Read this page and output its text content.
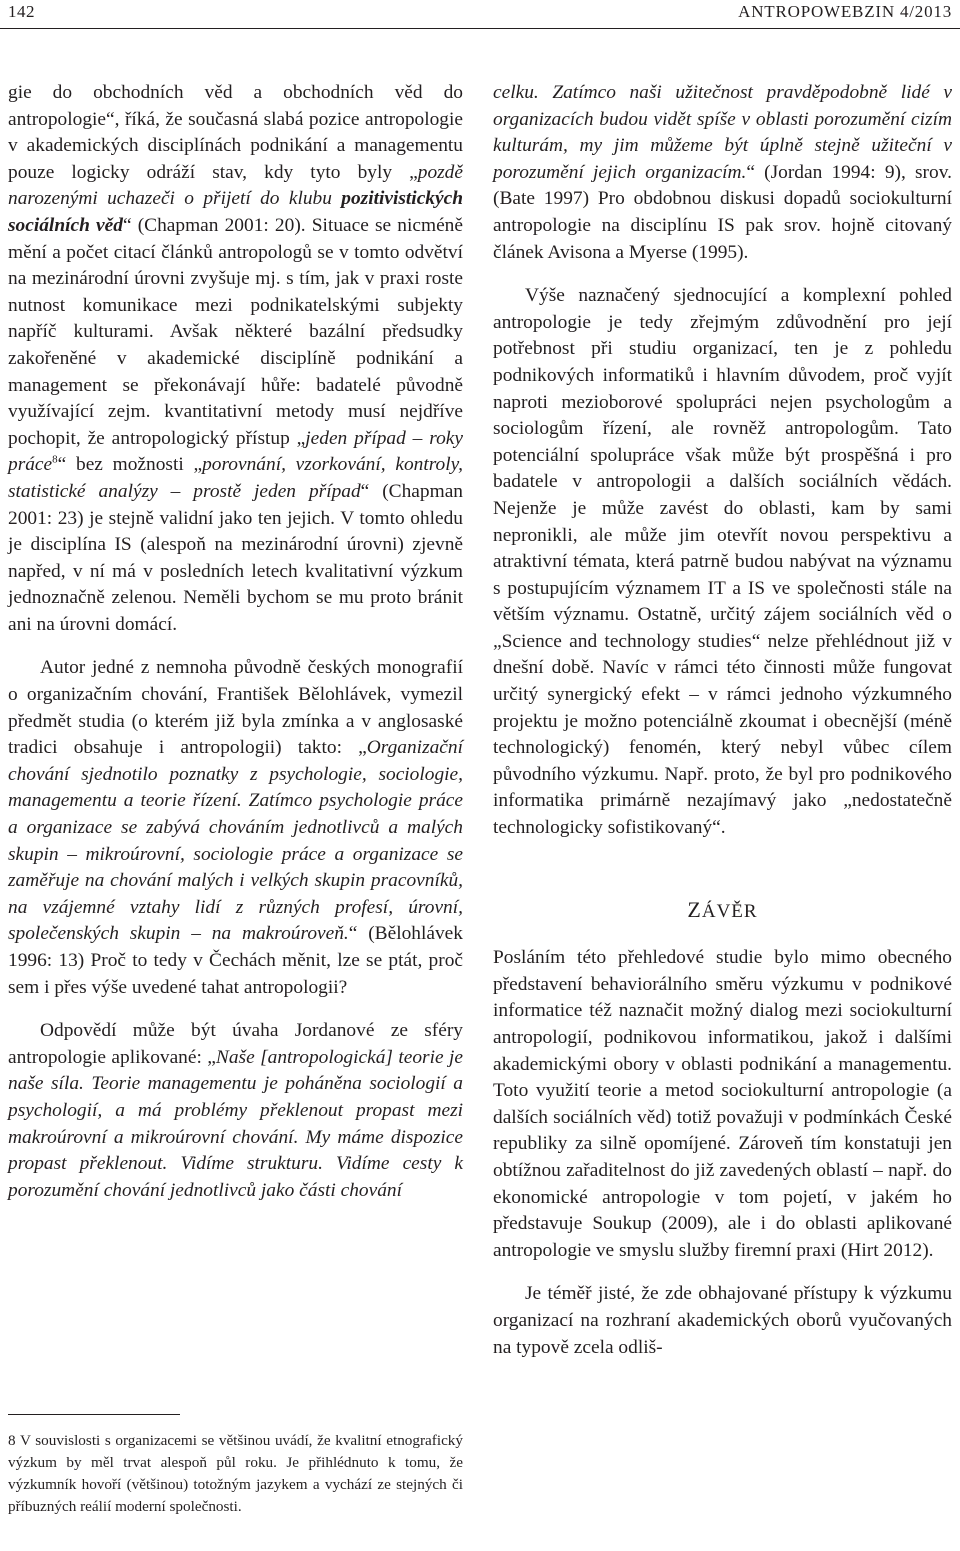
142	ANTROPOWEBZIN 4/2013

gie do obchodních věd a obchodních věd do antropologie“, říká, že současná slabá pozice antropologie v akademických disciplínách podnikání a managementu pouze logicky odráží stav, kdy tyto byly „pozdě narozenými uchazeči o přijetí do klubu pozitivistických sociálních věd“ (Chapman 2001: 20). Situace se nicméně mění a počet citací článků antropologů se v tomto odvětví na mezinárodní úrovni zvyšuje mj. s tím, jak v praxi roste nutnost komunikace mezi podnikatelskými subjekty napříč kulturami. Avšak některé bazální předsudky zakořeněné v akademické disciplíně podnikání a management se překonávají hůře: badatelé původně využívající zejm. kvantitativní metody musí nejdříve pochopit, že antropologický přístup „jeden případ – roky práce$^8$“ bez možnosti „porovnání, vzorkování, kontroly, statistické analýzy – prostě jeden případ“ (Chapman 2001: 23) je stejně validní jako ten jejich. V tomto ohledu je disciplína IS (alespoň na mezinárodní úrovni) zjevně napřed, v ní má v posledních letech kvalitativní výzkum jednoznačně zelenou. Neměli bychom se mu proto bránit ani na úrovni domácí.

Autor jedné z nemnoha původně českých monografií o organizačním chování, František Bělohlávek, vymezil předmět studia (o kterém již byla zmínka a v anglosaské tradici obsahuje i antropologii) takto: „Organizační chování sjednotilo poznatky z psychologie, sociologie, managementu a teorie řízení. Zatímco psychologie práce a organizace se zabývá chováním jednotlivců a malých skupin – mikroúrovní, sociologie práce a organizace se zaměřuje na chování malých i velkých skupin pracovníků, na vzájemné vztahy lidí z různých profesí, úrovní, společenských skupin – na makroúroveň.“ (Bělohlávek 1996: 13) Proč to tedy v Čechách měnit, lze se ptát, proč sem i přes výše uvedené tahat antropologii?

Odpovědí může být úvaha Jordanové ze sféry antropologie aplikované: „Naše [antropologická] teorie je naše síla. Teorie managementu je poháněna sociologií a psychologií, a má problémy překlenout propast mezi makroúrovní a mikroúrovní chování. My máme dispozice propast překlenout. Vidíme strukturu. Vidíme cesty k porozumění chování jednotlivců jako části chování

8 V souvislosti s organizacemi se většinou uvádí, že kvalitní etnografický výzkum by měl trvat alespoň půl roku. Je přihlédnuto k tomu, že výzkumník hovoří (většinou) totožným jazykem a vychází ze stejných či příbuzných reálií moderní společnosti.

celku. Zatímco naši užitečnost pravděpodobně lidé v organizacích budou vidět spíše v oblasti porozumění cizím kulturám, my jim můžeme být úplně stejně užiteční v porozumění jejich organizacím.“ (Jordan 1994: 9), srov. (Bate 1997) Pro obdobnou diskusi dopadů sociokulturní antropologie na disciplínu IS pak srov. hojně citovaný článek Avisona a Myerse (1995).

Výše naznačený sjednocující a komplexní pohled antropologie je tedy zřejmým zdůvodnění pro její potřebnost při studiu organizací, ten je z pohledu podnikových informatiků i hlavním důvodem, proč vyjít naproti mezioborové spolupráci nejen psychologům a sociologům řízení, ale rovněž antropologům. Tato potenciální spolupráce však může být prospěšná i pro badatele v antropologii a dalších sociálních vědách. Nejenže je může zavést do oblasti, kam by sami nepronikli, ale může jim otevřít novou perspektivu a atraktivní témata, která patrně budou nabývat na významu s postupujícím významem IT a IS ve společnosti stále na větším významu. Ostatně, určitý zájem sociálních věd o „Science and technology studies“ nelze přehlédnout již v dnešní době. Navíc v rámci této činnosti může fungovat určitý synergický efekt – v rámci jednoho výzkumného projektu je možno potenciálně zkoumat i obecnější (méně technologický) fenomén, který nebyl vůbec cílem původního výzkumu. Např. proto, že byl pro podnikového informatika primárně nezajímavý jako „nedostatečně technologicky sofistikovaný“.

ZÁVĚR

Posláním této přehledové studie bylo mimo obecného představení behaviorálního směru výzkumu v podnikové informatice též naznačit možný dialog mezi sociokulturní antropologií, podnikovou informatikou, jakož i dalšími akademickými obory v oblasti podnikání a managementu. Toto využití teorie a metod sociokulturní antropologie (a dalších sociálních věd) totiž považuji v podmínkách České republiky za silně opomíjené. Zároveň tím konstatuji jen obtížnou zařaditelnost do již zavedených oblastí – např. do ekonomické antropologie v tom pojetí, v jakém ho představuje Soukup (2009), ale i do oblasti aplikované antropologie ve smyslu služby firemní praxi (Hirt 2012).

Je téměř jisté, že zde obhajované přístupy k výzkumu organizací na rozhraní akademických oborů vyučovaných na typově zcela odliš-
